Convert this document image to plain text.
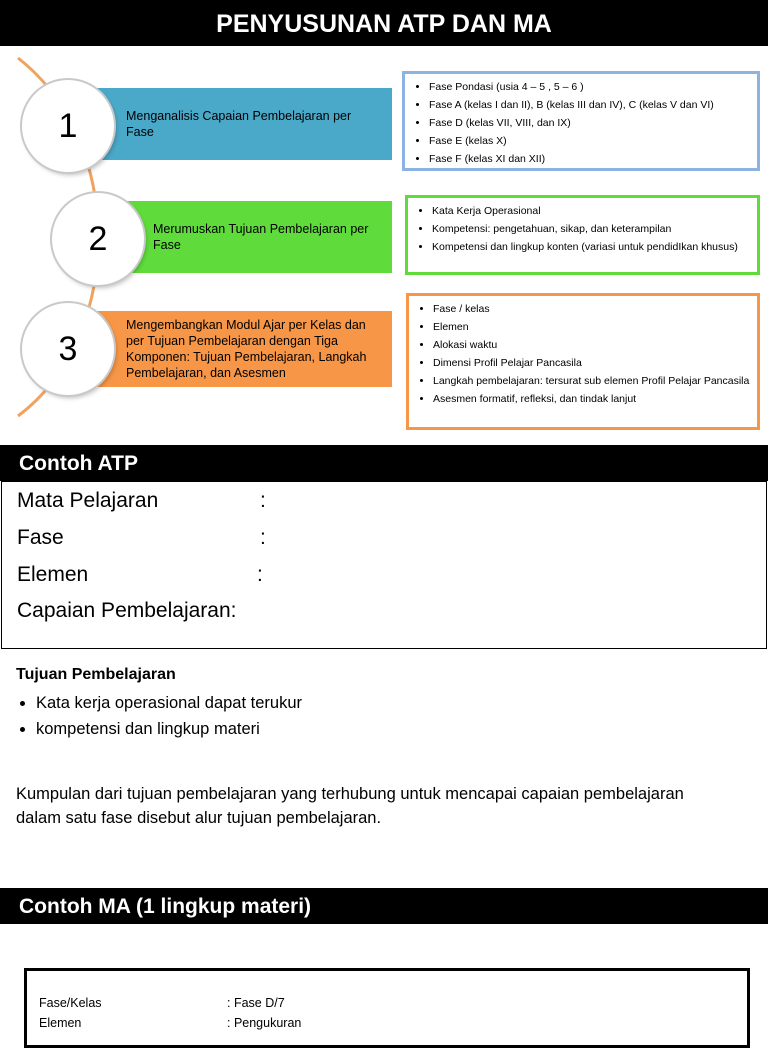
PENYUSUNAN ATP DAN MA
Menganalisis Capaian Pembelajaran per Fase
1
• Fase Pondasi (usia 4 – 5 , 5 – 6 )
• Fase A (kelas I dan II), B (kelas III dan IV), C (kelas V dan VI)
• Fase D (kelas VII, VIII, dan IX)
• Fase E (kelas X)
• Fase F (kelas XI dan XII)
Merumuskan Tujuan Pembelajaran per Fase
2
• Kata Kerja Operasional
• Kompetensi: pengetahuan, sikap, dan keterampilan
• Kompetensi dan lingkup konten (variasi untuk pendidIkan khusus)
Mengembangkan Modul Ajar per Kelas dan per Tujuan Pembelajaran dengan Tiga Komponen: Tujuan Pembelajaran, Langkah Pembelajaran, dan Asesmen
3
• Fase / kelas
• Elemen
• Alokasi waktu
• Dimensi Profil Pelajar Pancasila
• Langkah pembelajaran: tersurat sub elemen Profil Pelajar Pancasila
• Asesmen formatif, refleksi, dan tindak lanjut
Contoh ATP
Mata Pelajaran	:
Fase	:
Elemen	:
Capaian Pembelajaran:
Tujuan Pembelajaran
• Kata kerja operasional dapat terukur
• kompetensi dan lingkup materi
Kumpulan dari tujuan pembelajaran yang terhubung untuk mencapai capaian pembelajaran dalam satu fase disebut alur tujuan pembelajaran.
Contoh MA (1 lingkup materi)
Fase/Kelas	: Fase D/7
Elemen	: Pengukuran
